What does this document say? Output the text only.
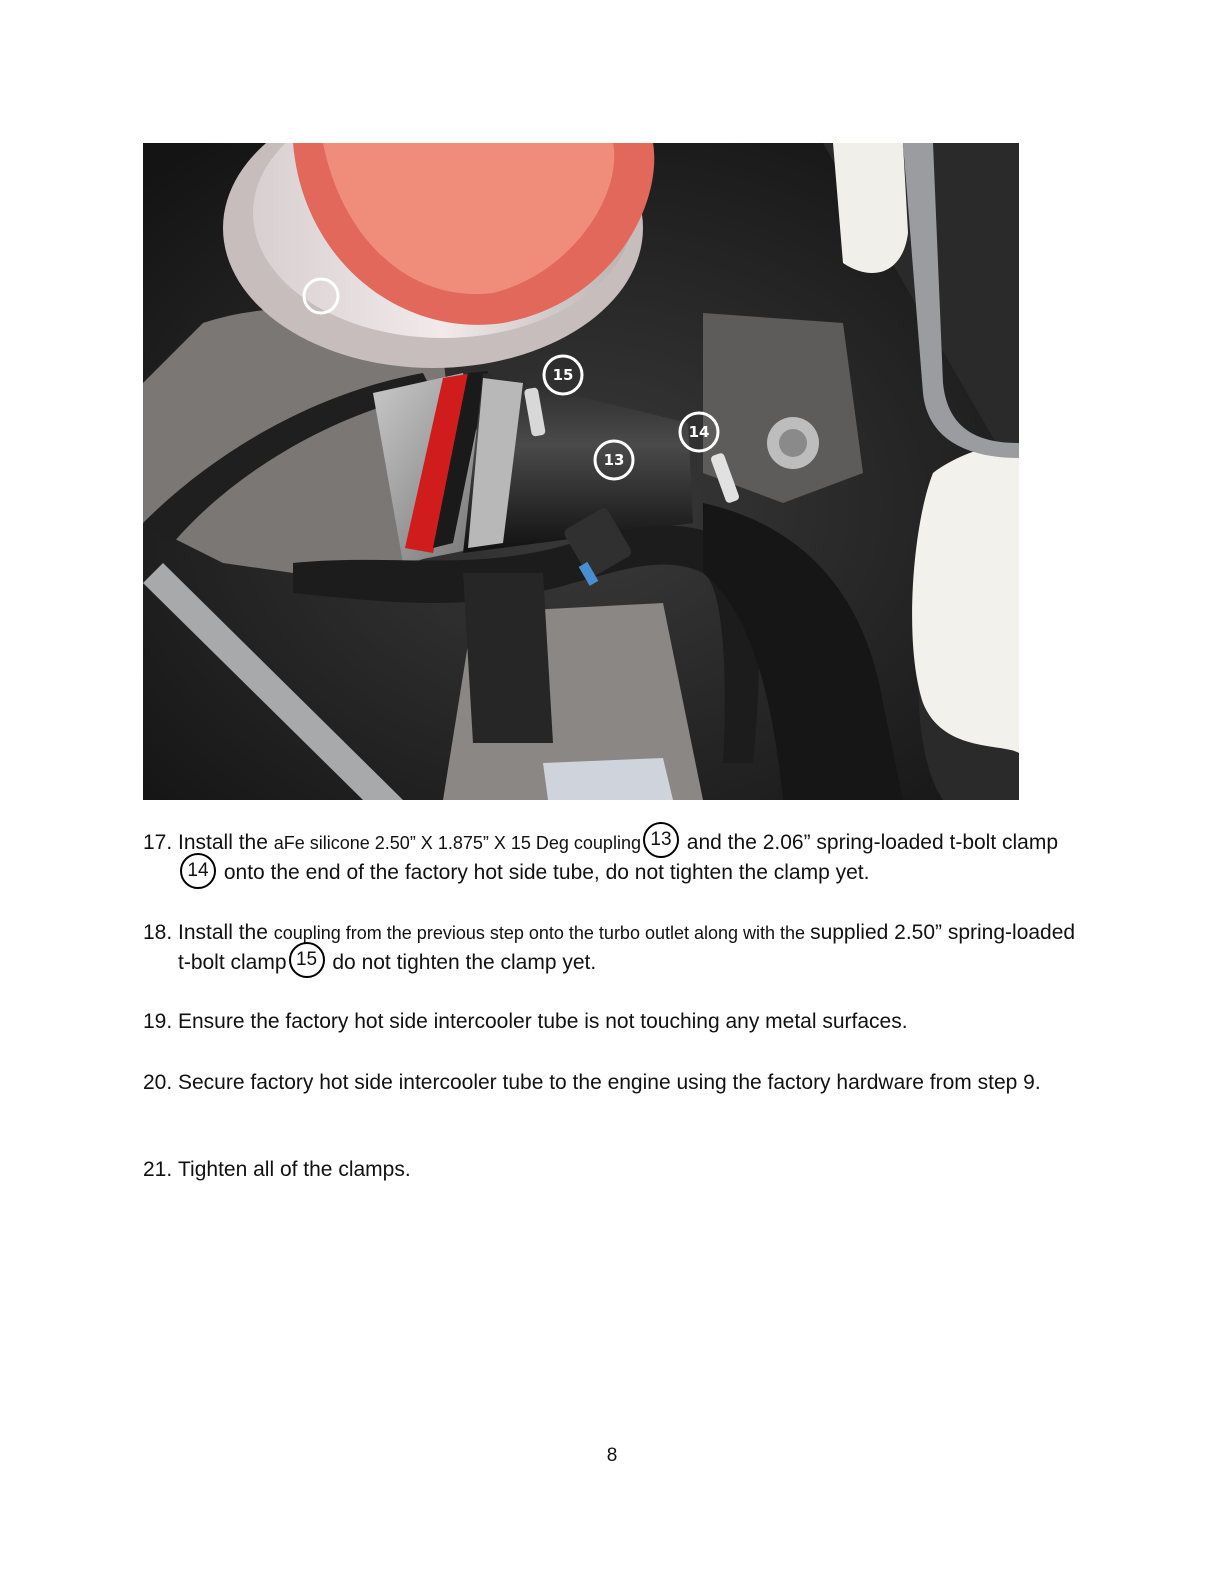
15
14
13
17. Install the aFe silicone 2.50” X 1.875” X 15 Deg coupling 13 and the 2.06” spring-loaded t-bolt clamp14 onto the end of the factory hot side tube, do not tighten the clamp yet.
18. Install the coupling from the previous step onto the turbo outlet along with the supplied 2.50” spring-loaded t-bolt clamp 15 do not tighten the clamp yet.
19. Ensure the factory hot side intercooler tube is not touching any metal surfaces.
20. Secure factory hot side intercooler tube to the engine using the factory hardware from step 9.
21. Tighten all of the clamps.
8
